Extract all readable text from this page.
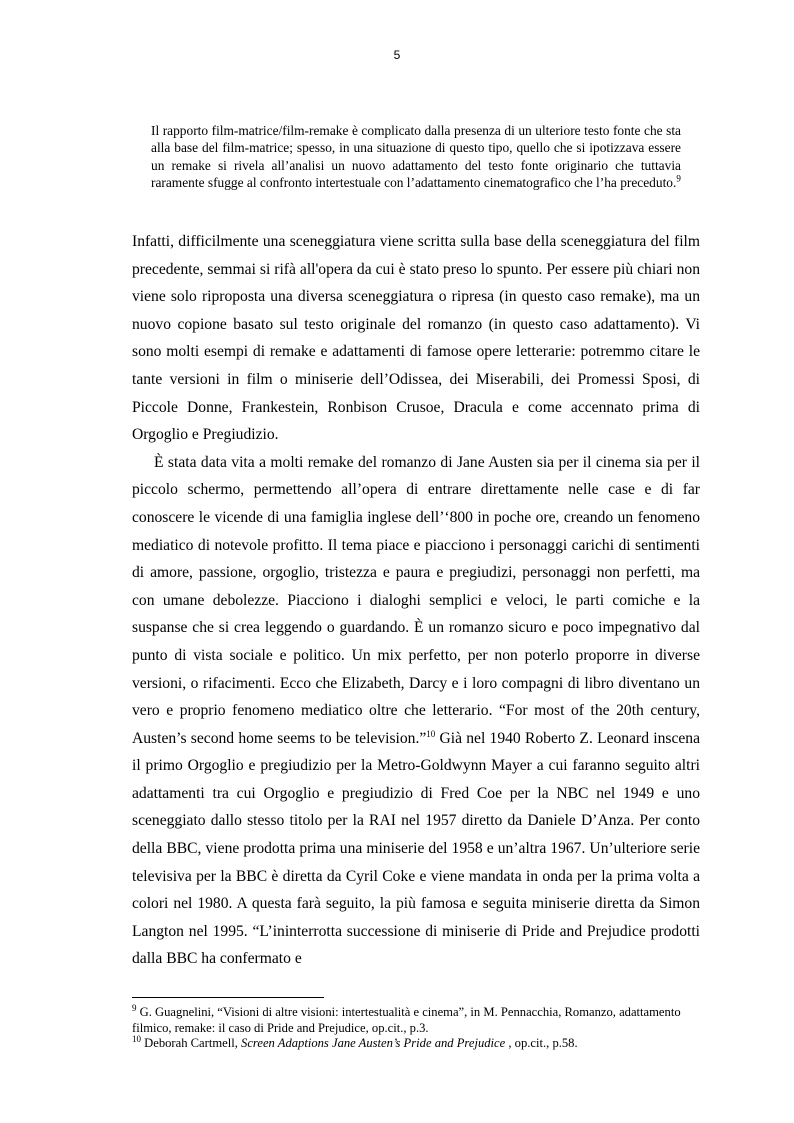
5
Il rapporto film-matrice/film-remake è complicato dalla presenza di un ulteriore testo fonte che sta alla base del film-matrice; spesso, in una situazione di questo tipo, quello che si ipotizzava essere un remake si rivela all’analisi un nuovo adattamento del testo fonte originario che tuttavia raramente sfugge al confronto intertestuale con l’adattamento cinematografico che l’ha preceduto.$^9$

Infatti, difficilmente una sceneggiatura viene scritta sulla base della sceneggiatura del film precedente, semmai si rifà all'opera da cui è stato preso lo spunto. Per essere più chiari non viene solo riproposta una diversa sceneggiatura o ripresa (in questo caso remake), ma un nuovo copione basato sul testo originale del romanzo (in questo caso adattamento). Vi sono molti esempi di remake e adattamenti di famose opere letterarie: potremmo citare le tante versioni in film o miniserie dell’Odissea, dei Miserabili, dei Promessi Sposi, di Piccole Donne, Frankestein, Ronbison Crusoe, Dracula e come accennato prima di Orgoglio e Pregiudizio.

È stata data vita a molti remake del romanzo di Jane Austen sia per il cinema sia per il piccolo schermo, permettendo all’opera di entrare direttamente nelle case e di far conoscere le vicende di una famiglia inglese dell’‘800 in poche ore, creando un fenomeno mediatico di notevole profitto. Il tema piace e piacciono i personaggi carichi di sentimenti di amore, passione, orgoglio, tristezza e paura e pregiudizi, personaggi non perfetti, ma con umane debolezze. Piacciono i dialoghi semplici e veloci, le parti comiche e la suspanse che si crea leggendo o guardando. È un romanzo sicuro e poco impegnativo dal punto di vista sociale e politico. Un mix perfetto, per non poterlo proporre in diverse versioni, o rifacimenti. Ecco che Elizabeth, Darcy e i loro compagni di libro diventano un vero e proprio fenomeno mediatico oltre che letterario. “For most of the 20th century, Austen’s second home seems to be television.”$^{10}$ Già nel 1940 Roberto Z. Leonard inscena il primo Orgoglio e pregiudizio per la Metro-Goldwynn Mayer a cui faranno seguito altri adattamenti tra cui Orgoglio e pregiudizio di Fred Coe per la NBC nel 1949 e uno sceneggiato dallo stesso titolo per la RAI nel 1957 diretto da Daniele D’Anza. Per conto della BBC, viene prodotta prima una miniserie del 1958 e un’altra 1967. Un’ulteriore serie televisiva per la BBC è diretta da Cyril Coke e viene mandata in onda per la prima volta a colori nel 1980. A questa farà seguito, la più famosa e seguita miniserie diretta da Simon Langton nel 1995. “L’ininterrotta successione di miniserie di Pride and Prejudice prodotti dalla BBC ha confermato e

$^9$ G. Guagnelini, “Visioni di altre visioni: intertestualità e cinema”, in M. Pennacchia, Romanzo, adattamento filmico, remake: il caso di Pride and Prejudice, op.cit., p.3.

$^{10}$ Deborah Cartmell, Screen Adaptions Jane Austen’s Pride and Prejudice , op.cit., p.58.
